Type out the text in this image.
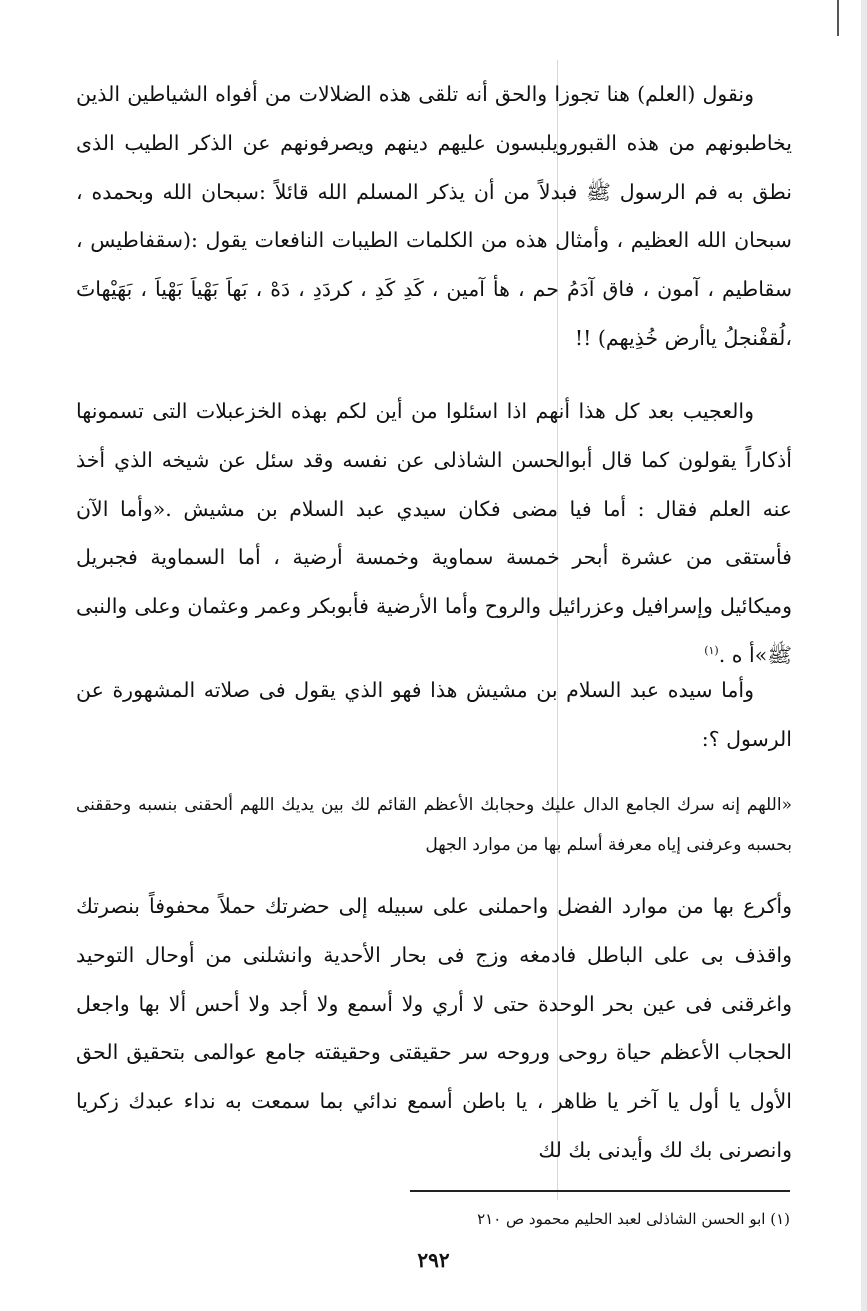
ونقول (العلم) هنا تجوزا والحق أنه تلقى هذه الضلالات من أفواه الشياطين الذين يخاطبونهم من هذه القبورويلبسون عليهم دينهم ويصرفونهم عن الذكر الطيب الذى نطق به فم الرسول ﷺ فبدلاً من أن يذكر المسلم الله قائلاً :سبحان الله وبحمده ، سبحان الله العظيم ، وأمثال هذه من الكلمات الطيبات النافعات يقول :(سقفاطيس ، سقاطيم ، آمون ، فاق آدَمُ حم ، هأ آمين ، كَدِ كَدِ ، كردَدِ ، دَهْ ، بَهاَ بَهْياَ بَهْياَ ، بَهَيْهاتَ ،لُقفْنجلُ ياأرض خُذِيهم) !!

والعجيب بعد كل هذا أنهم اذا اسئلوا من أين لكم بهذه الخزعبلات التى تسمونها أذكاراً يقولون كما قال أبوالحسن الشاذلى عن نفسه وقد سئل عن شيخه الذي أخذ عنه العلم فقال : أما فيا مضى فكان سيدي عبد السلام بن مشيش .«وأما الآن فأستقى من عشرة أبحر خمسة سماوية وخمسة أرضية ، أما السماوية فجبريل وميكائيل وإسرافيل وعزرائيل والروح وأما الأرضية فأبوبكر وعمر وعثمان وعلى والنبى ﷺ»أ ه .$^{(١)}$

وأما سيده عبد السلام بن مشيش هذا فهو الذي يقول فى صلاته المشهورة عن الرسول ؟:

«اللهم إنه سرك الجامع الدال عليك وحجابك الأعظم القائم لك بين يديك اللهم ألحقنى بنسبه وحققنى بحسبه وعرفنى إياه معرفة أسلم بها من موارد الجهل

وأكرع بها من موارد الفضل واحملنى على سبيله إلى حضرتك حملاً محفوفاً بنصرتك واقذف بى على الباطل فادمغه وزج فى بحار الأحدية وانشلنى من أوحال التوحيد واغرقنى فى عين بحر الوحدة حتى لا أري ولا أسمع ولا أجد ولا أحس ألا بها واجعل الحجاب الأعظم حياة روحى وروحه سر حقيقتى وحقيقته جامع عوالمى بتحقيق الحق الأول يا أول يا آخر يا ظاهر ، يا باطن أسمع ندائي بما سمعت به نداء عبدك زكريا وانصرنى بك لك وأيدنى بك لك

(١) ابو الحسن الشاذلى لعبد الحليم محمود ص ٢١٠
٢٩٢
